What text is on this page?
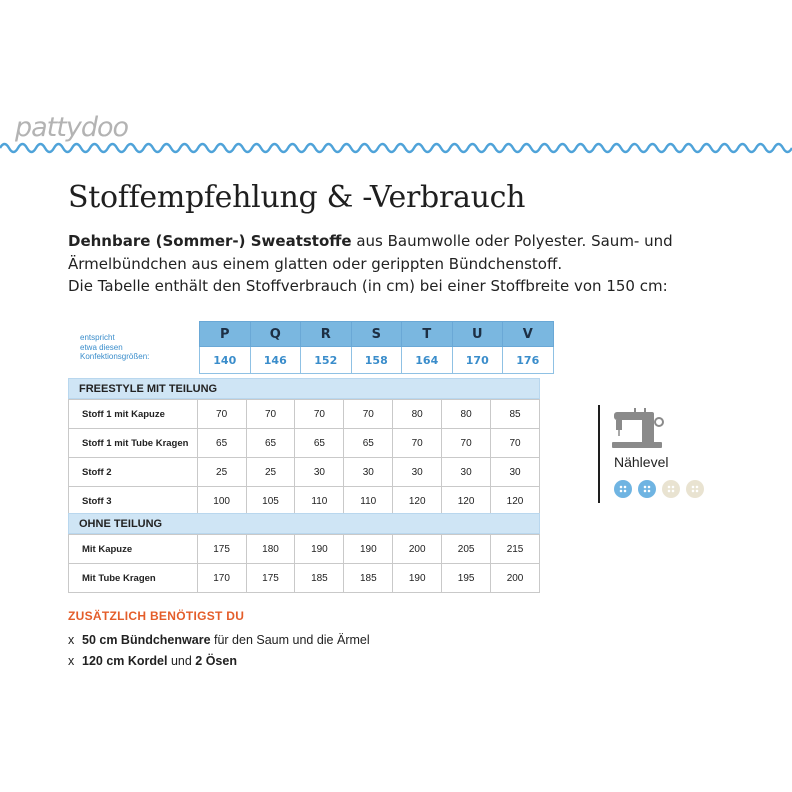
pattydoo
Stoffempfehlung & -Verbrauch
Dehnbare (Sommer-) Sweatstoffe aus Baumwolle oder Polyester. Saum- und Ärmelbündchen aus einem glatten oder gerippten Bündchenstoff.
Die Tabelle enthält den Stoffverbrauch (in cm) bei einer Stoffbreite von 150 cm:
entspricht
etwa diesen
Konfektionsgrößen:
P	Q	R	S	T	U	V
140	146	152	158	164	170	176
FREESTYLE MIT TEILUNG
Stoff 1 mit Kapuze	70	70	70	70	80	80	85
Stoff 1 mit Tube Kragen	65	65	65	65	70	70	70
Stoff 2	25	25	30	30	30	30	30
Stoff 3	100	105	110	110	120	120	120
OHNE TEILUNG
Mit Kapuze	175	180	190	190	200	205	215
Mit Tube Kragen	170	175	185	185	190	195	200
ZUSÄTZLICH BENÖTIGST DU
x 50 cm Bündchenware für den Saum und die Ärmel
x 120 cm Kordel und 2 Ösen
Nählevel
